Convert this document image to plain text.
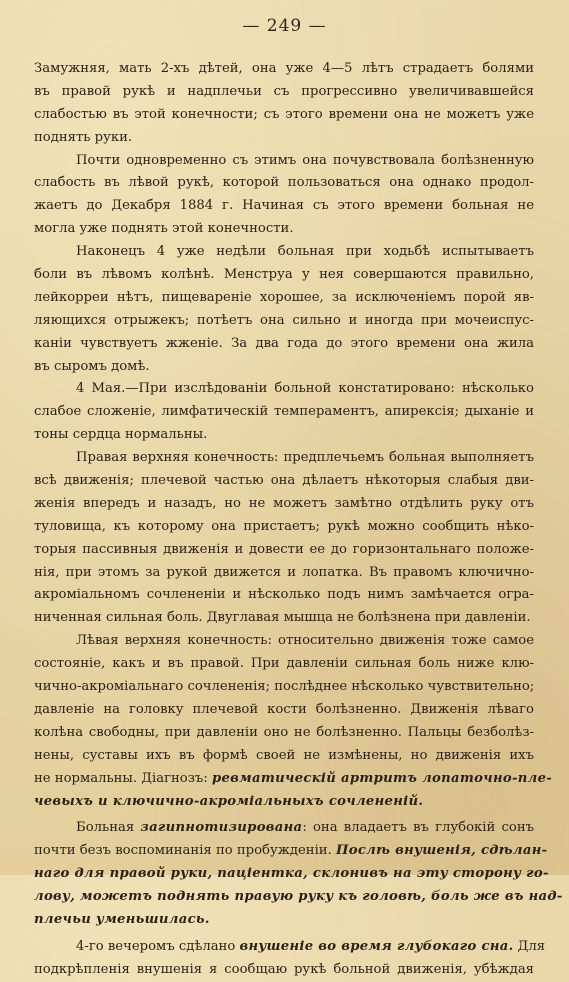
— 249 —
Замужняя, мать 2-хъ дѣтей, она уже 4—5 лѣтъ страдаетъ болями
въ правой рукѣ и надплечьи съ прогрессивно увеличивавшейся
слабостью въ этой конечности; съ этого времени она не можетъ уже
поднять руки.
Почти одновременно съ этимъ она почувствовала болѣзненную
слабость въ лѣвой рукѣ, которой пользоваться она однако продол-
жаетъ до Декабря 1884 г. Начиная съ этого времени больная не
могла уже поднять этой конечности.
Наконецъ 4 уже недѣли больная при ходьбѣ испытываетъ
боли въ лѣвомъ колѣнѣ. Менструа у нея совершаются правильно,
лейкорреи нѣтъ, пищевареніе хорошее, за исключеніемъ порой яв-
ляющихся отрыжекъ; потѣетъ она сильно и иногда при мочеиспус-
каніи чувствуетъ жженіе. За два года до этого времени она жила
въ сыромъ домѣ.
4 Мая.—При изслѣдованіи больной констатировано: нѣсколько
слабое сложеніе, лимфатическій темпераментъ, апирексія; дыханіе и
тоны сердца нормальны.
Правая верхняя конечность: предплечьемъ больная выполняетъ
всѣ движенія; плечевой частью она дѣлаетъ нѣкоторыя слабыя дви-
женія впередъ и назадъ, но не можетъ замѣтно отдѣлить руку отъ
туловища, къ которому она пристаетъ; рукѣ можно сообщить нѣко-
торыя пассивныя движенія и довести ее до горизонтальнаго положе-
нія, при этомъ за рукой движется и лопатка. Въ правомъ ключично-
акроміальномъ сочлененіи и нѣсколько подъ нимъ замѣчается огра-
ниченная сильная боль. Двуглавая мышца не болѣзнена при давленіи.
Лѣвая верхняя конечность: относительно движенія тоже самое
состояніе, какъ и въ правой. При давленіи сильная боль ниже клю-
чично-акроміальнаго сочлененія; послѣднее нѣсколько чувствительно;
давленіе на головку плечевой кости болѣзненно. Движенія лѣваго
колѣна свободны, при давленіи оно не болѣзненно. Пальцы безболѣз-
нены, суставы ихъ въ формѣ своей не измѣнены, но движенія ихъ
не нормальны. Діагнозъ: ревматическій артритъ лопаточно-пле-
чевыхъ и ключично-акроміальныхъ сочлененій.
Больная загипнотизирована: она владаетъ въ глубокій сонъ
почти безъ воспоминанія по пробужденіи. Послѣ внушенія, сдѣлан-
наго для правой руки, паціентка, склонивъ на эту сторону го-
лову, можетъ поднять правую руку къ головѣ, боль же въ над-
плечьи уменьшилась.
4-го вечеромъ сдѣлано внушеніе во время глубокаго сна. Для
подкрѣпленія внушенія я сообщаю рукѣ больной движенія, убѣждая
